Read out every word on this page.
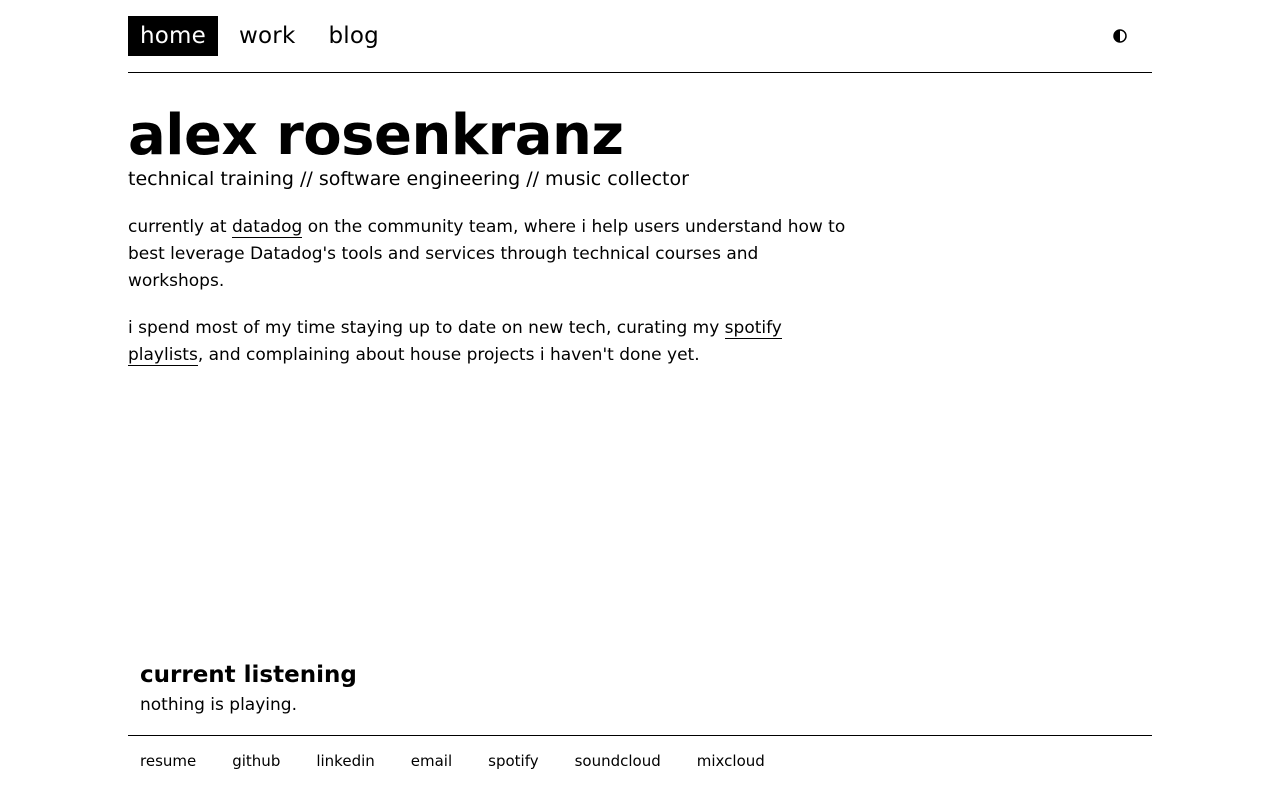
home	work	blog
alex rosenkranz
technical training // software engineering // music collector

currently at datadog on the community team, where i help users understand how to best leverage Datadog's tools and services through technical courses and workshops.

i spend most of my time staying up to date on new tech, curating my spotify playlists, and complaining about house projects i haven't done yet.

current listening
nothing is playing.
resume github linkedin email spotify soundcloud mixcloud
